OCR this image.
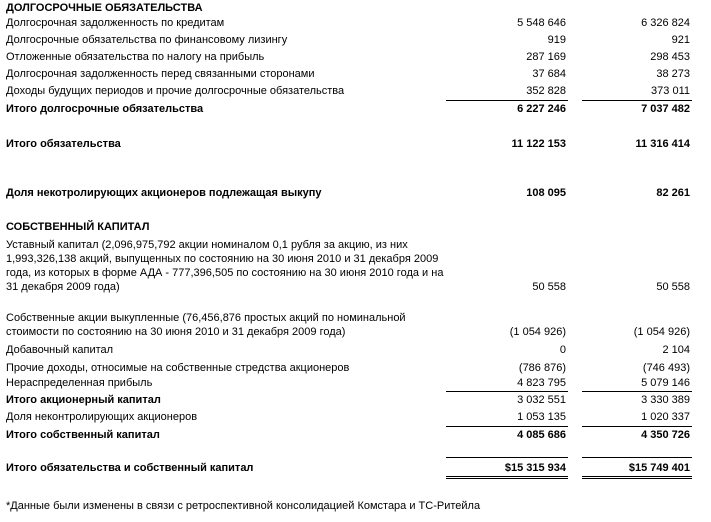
ДОЛГОСРОЧНЫЕ ОБЯЗАТЕЛЬСТВА
Долгосрочная задолженность по кредитам	5 548 646	6 326 824
Долгосрочные обязательства по финансовому лизингу	919	921
Отложенные обязательства по налогу на прибыль	287 169	298 453
Долгосрочная задолженность перед связанными сторонами	37 684	38 273
Доходы будущих периодов и прочие долгосрочные обязательства	352 828	373 011
Итого долгосрочные обязательства	6 227 246	7 037 482
Итого обязательства	11 122 153	11 316 414
Доля некотролирующих акционеров подлежащая выкупу	108 095	82 261
СОБСТВЕННЫЙ КАПИТАЛ
Уставный капитал (2,096,975,792 акции номиналом 0,1 рубля за акцию, из них
1,993,326,138 акций, выпущенных по состоянию на 30 июня 2010 и 31 декабря 2009
года, из которых в форме АДА - 777,396,505 по состоянию на 30 июня 2010 года и на
31 декабря 2009 года)	50 558	50 558
Собственные акции выкупленные (76,456,876 простых акций по номинальной
стоимости по состоянию на 30 июня 2010 и 31 декабря 2009 года)	(1 054 926)	(1 054 926)
Добавочный капитал	0	2 104
Прочие доходы, относимые на собственные стредства акционеров	(786 876)	(746 493)
Нераспределенная прибыль	4 823 795	5 079 146
Итого акционерный капитал	3 032 551	3 330 389
Доля неконтролирующих акционеров	1 053 135	1 020 337
Итого собственный капитал	4 085 686	4 350 726
Итого обязательства и собственный капитал	$15 315 934	$15 749 401
*Данные были изменены в связи с ретроспективной консолидацией Комстара и ТС-Ритейла
